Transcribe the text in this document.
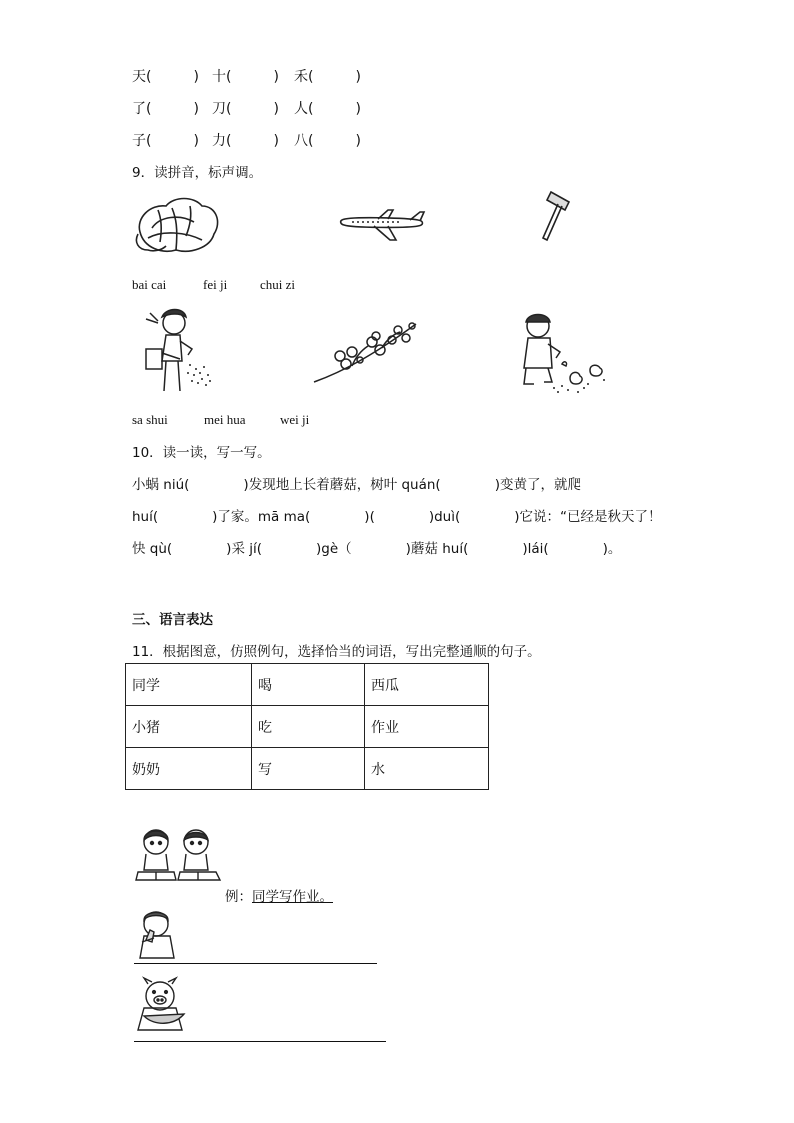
天(　　　) 十(　　　)	禾(　　　)
了(　　　) 刀(　　　)	人(　　　)
子(　　　) 力(　　　)	八(　　　)
9．读拼音，标声调。
bai cai	fei ji	chui zi
sa shui	mei hua	wei ji
10．读一读，写一写。
小蜗 niú(　　　　)发现地上长着蘑菇，树叶 quán(　　　　)变黄了，就爬
huí(　　　　)了家。mā ma(　　　　)(　　　　)duì(　　　　)它说：“已经是秋天了！
快 qù(　　　　)采 jí(　　　　)gè（　　　　)蘑菇 huí(　　　　)lái(　　　　)。
三、语言表达
11．根据图意，仿照例句，选择恰当的词语，写出完整通顺的句子。
同学	喝	西瓜
小猪	吃	作业
奶奶	写	水
例：同学写作业。
